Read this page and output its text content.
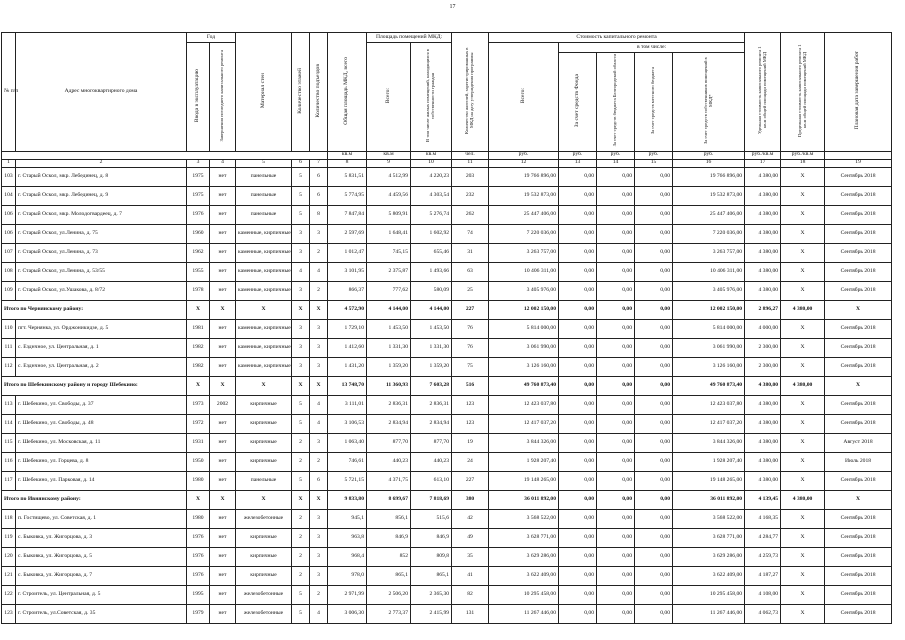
17
№ п/п	Адрес многоквартирного дома	Год		Материал стен	Количество этажей	Количество подъездов	Общая площадь МКД, всего	Площадь помещений МКД:		Количество жителей, зарегистрированных в МКД на дату утверждения программы	Стоимость капитального ремонта					Удельная стоимость капитального ремонта 1 кв.м общей площади помещений МКД	Предельная стоимость капитального ремонта 1 кв.м общей площади помещений МКД	Плановая дата завершения работ
		Ввода в эксплуатацию	Завершения последнего капитального ремонта					Всего:	В том числе жилых помещений, находящихся в собственности граждан		Всего:	в том числе:						
												За счет средств Фонда	За счет средств бюджета Белгородской области	За счет средств местного бюджета	За счет средств собственников помещений в МКД*			
							кв.м	кв.м	кв.м	чел.	руб.	руб.	руб.	руб.	руб.	руб./кв.м	руб./кв.м	
1	2	3	4	5	6	7	8	9	10	11	12	13	14	15	16	17	18	19
103	г. Старый Оскол, мкр. Лебединец, д. 8	1975	нет	панельные	5	6	5 831,51	4 512,99	4 220,23	203	19 766 896,00	0,00	0,00	0,00	19 766 896,00	4 380,00	X	Сентябрь 2018
104	г. Старый Оскол, мкр. Лебединец, д. 9	1975	нет	панельные	5	6	5 774,95	4 459,56	4 303,54	232	19 532 873,00	0,00	0,00	0,00	19 532 873,00	4 380,00	X	Сентябрь 2018
106	г. Старый Оскол, мкр. Молодогвардеец, д. 7	1976	нет	панельные	5	8	7 847,84	5 809,91	5 276,74	262	25 447 406,00	0,00	0,00	0,00	25 447 406,00	4 380,00	X	Сентябрь 2018
106	г. Старый Оскол, ул.Ленина, д. 75	1960	нет	каменные, кирпичные	3	3	2 597,69	1 648,41	1 602,92	74	7 220 036,00	0,00	0,00	0,00	7 220 036,00	4 380,00	X	Сентябрь 2018
107	г. Старый Оскол, ул.Ленина, д. 73	1962	нет	каменные, кирпичные	3	2	1 012,47	745,15	655,46	31	3 263 757,00	0,00	0,00	0,00	3 263 757,00	4 380,00	X	Сентябрь 2018
108	г. Старый Оскол, ул.Ленина, д. 53/55	1955	нет	каменные, кирпичные	4	4	3 101,95	2 375,87	1 493,66	63	10 406 311,00	0,00	0,00	0,00	10 406 311,00	4 380,00	X	Сентябрь 2018
109	г. Старый Оскол, ул.Ушакова, д. 8/72	1978	нет	каменные, кирпичные	3	2	866,37	777,62	580,09	25	3 405 976,00	0,00	0,00	0,00	3 405 976,00	4 380,00	X	Сентябрь 2018
Итого по Чернянскому району:		X	X	X	X	X	4 572,90	4 144,00	4 144,00	227	12 002 150,00	0,00	0,00	0,00	12 002 150,00	2 896,27	4 380,00	X
110	пгт. Чернянка, ул. Орджоникидзе, д. 5	1981	нет	каменные, кирпичные	3	3	1 729,10	1 453,50	1 453,50	76	5 814 000,00	0,00	0,00	0,00	5 814 000,00	4 000,00	X	Сентябрь 2018
111	с. Езднчное, ул. Центральная, д. 1	1982	нет	каменные, кирпичные	3	3	1 412,60	1 331,30	1 331,30	76	3 061 990,00	0,00	0,00	0,00	3 061 990,00	2 300,00	X	Сентябрь 2018
112	с. Езднчное, ул. Центральная, д. 2	1982	нет	каменные, кирпичные	3	3	1 431,20	1 359,20	1 359,20	75	3 126 160,00	0,00	0,00	0,00	3 126 160,00	2 300,00	X	Сентябрь 2018
Итого по Шебекинскому району и городу Шебекино:		X	X	X	X	X	13 748,70	11 360,93	7 603,28	516	49 760 873,40	0,00	0,00	0,00	49 760 873,40	4 380,00	4 380,00	X
113	г. Шебекино, ул. Свободы, д. 37	1973	2002	кирпичные	5	4	3 111,01	2 836,31	2 836,31	123	12 423 037,80	0,00	0,00	0,00	12 423 037,80	4 380,00	X	Сентябрь 2018
114	г. Шебекино, ул. Свободы, д. 48	1972	нет	кирпичные	5	4	3 106,53	2 834,94	2 834,94	123	12 417 037,20	0,00	0,00	0,00	12 417 037,20	4 380,00	X	Сентябрь 2018
115	г. Шебекино, ул. Московская, д. 11	1931	нет	кирпичные	2	3	1 063,40	877,70	877,70	19	3 844 326,00	0,00	0,00	0,00	3 844 326,00	4 380,00	X	Август 2018
116	г. Шебекино, ул. Горцева, д. 8	1950	нет	кирпичные	2	2	746,61	440,23	440,23	24	1 928 207,40	0,00	0,00	0,00	1 928 207,40	4 380,00	X	Июль 2018
117	г. Шебекино, ул. Парковая, д. 14	1980	нет	панельные	5	6	5 721,15	4 371,75	613,10	227	19 148 265,00	0,00	0,00	0,00	19 148 265,00	4 380,00	X	Сентябрь 2018
Итого по Ивнянскому району:		X	X	X	X	X	9 833,80	8 699,67	7 818,69	380	36 011 892,00	0,00	0,00	0,00	36 011 892,00	4 139,45	4 380,00	X
118	п. Гостищево, ул. Советская, д. 1	1980	нет	железобетонные	2	3	945,1	856,1	515,6	42	3 568 522,00	0,00	0,00	0,00	3 568 522,00	4 168,35	X	Сентябрь 2018
119	с. Быковка, ул. Жигорцова, д. 3	1976	нет	кирпичные	2	3	963,8	846,9	846,9	49	3 628 771,00	0,00	0,00	0,00	3 628 771,00	4 284,77	X	Сентябрь 2018
120	с. Быковка, ул. Жигорцова, д. 5	1976	нет	кирпичные	2	3	968,4	852	809,8	35	3 629 286,00	0,00	0,00	0,00	3 629 286,00	4 259,73	X	Сентябрь 2018
121	с. Быковка, ул. Жигорцова, д. 7	1976	нет	кирпичные	2	3	978,0	865,1	865,1	41	3 622 409,00	0,00	0,00	0,00	3 622 409,00	4 187,27	X	Сентябрь 2018
122	г. Строитель, ул. Центральная, д. 5	1995	нет	железобетонные	5	2	2 971,99	2 506,20	2 365,30	82	10 295 458,00	0,00	0,00	0,00	10 295 458,00	4 108,00	X	Сентябрь 2018
123	г. Строитель, ул.Советская, д. 35	1979	нет	железобетонные	5	4	3 006,30	2 773,37	2 415,99	131	11 267 446,00	0,00	0,00	0,00	11 267 446,00	4 062,73	X	Сентябрь 2018
